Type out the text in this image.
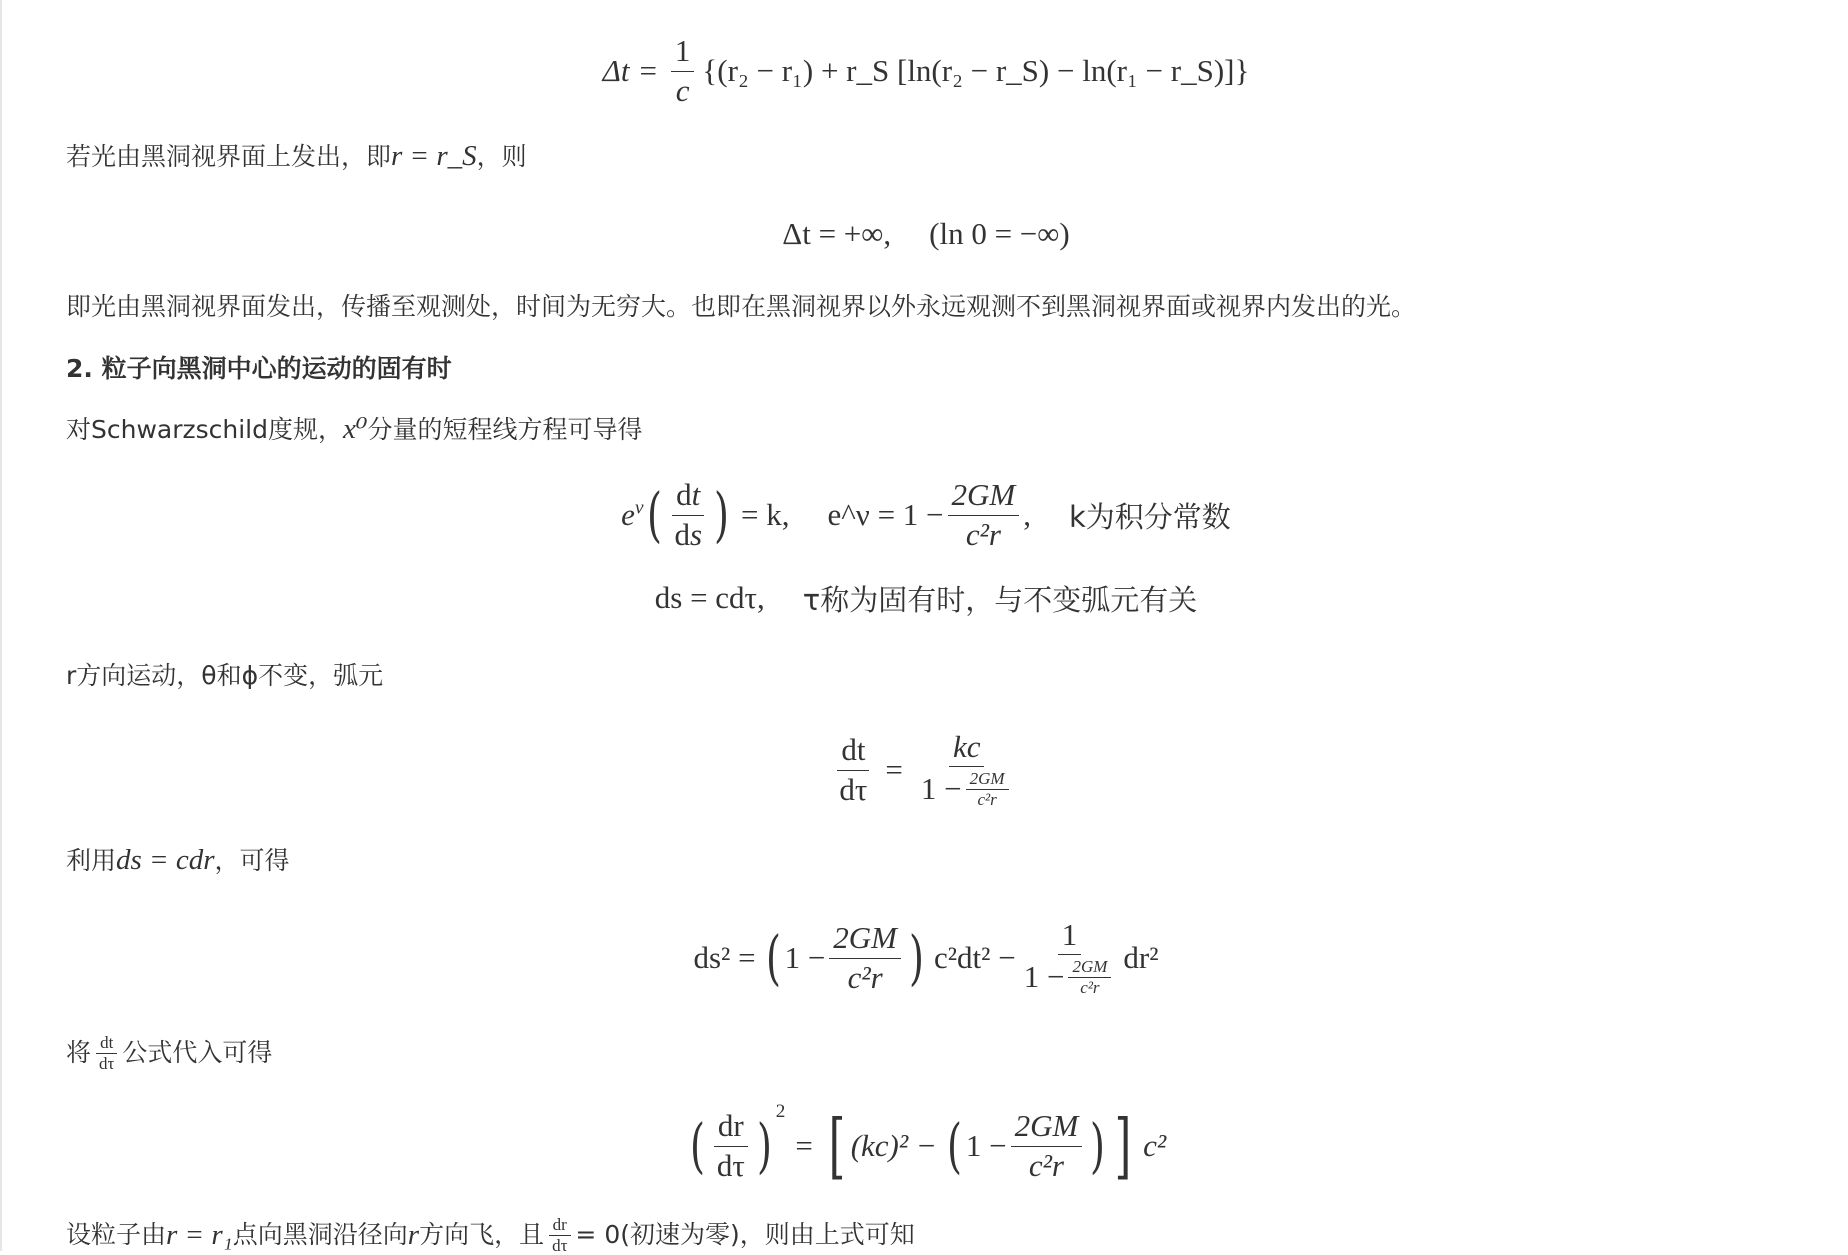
$\Delta t = \frac{1}{c} \{(r_2 - r_1)$ + r_S [ln(r₂ − r_S) − ln(r₁ − r_S)]}

若光由黑洞视界面上发出，即r = r_S，则

Δt = +∞, (ln 0 = −∞)

即光由黑洞视界面发出，传播至观测处，时间为无穷大。也即在黑洞视界以外永远观测不到黑洞视界面或视界内发出的光。

2. 粒子向黑洞中心的运动的固有时

对Schwarzschild度规，x⁰分量的短程线方程可导得

$e^\nu$ ( $\frac{dt}{ds}$ ) = k, e^ν = $1 - \frac{2GM}{\text{c²r}}$ , k为积分常数
ds = cdτ, τ称为固有时，与不变弧元有关

r方向运动，θ和ϕ不变，弧元

$\frac{dt}{d\tau} = \frac{kc}{1 - \frac{2GM}{\text{c²r}}}$

利用ds = cdr，可得

ds² = ( $1 - \frac{2GM}{\text{c²r}}$ ) $c^2dt^2 - \frac{1}{1 - \frac{2GM}{\text{c²r}}} dr^2$

将 $\frac{dt}{d\tau}$ 公式代入可得

( $\frac{dr}{d\tau} )^2$
= [ (kc)² − ( $1 - \frac{2GM}{\text{c²r}}$ ) ] c²

设粒子由 r = r₁ 点向黑洞沿径向 r 方向飞，且 $\frac{dr}{d\tau} = 0$(初速为零)，则由上式可知
